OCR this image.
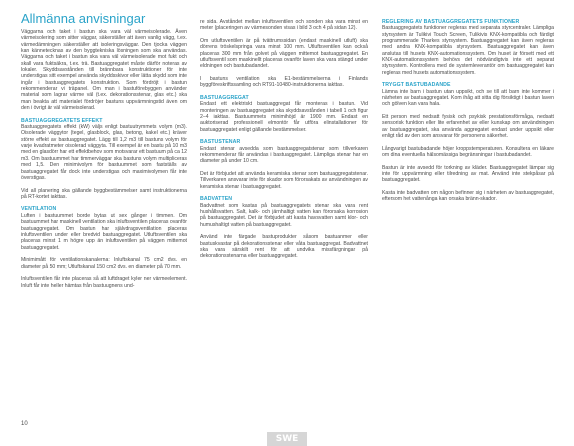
Allmänna anvisningar

Väggarna och taket i bastun ska vara väl värmeisolerade. Även värmeisolering som sitter väggar, säkerställer att även vanlig vägg, t.ex. värmedämningen säkerställer att isoleringsväggar. Den tjocka väggen kan kännetecknas av den byggtekniska lösningen som ska användas. Väggarna och taket i bastun ska vara väl värmeisolerade mot fukt och skall vara fuktsäkra, t.ex. trä. Bastuaggregatet måste därför noteras av lokaler. Skyddsavstånden till brännbara konstruktioner för inte understigas sitt exempel använda skyddsskivor eller lätta skydd som inte ingår i bastuaggregatets konstruktion. Som fördröjt i bastun rekommenderar vi träpanel. Om man i bastuförebyggen använder material som lagrar värme väl (t.ex. dekorationsstenar, glas etc.) ska man beakta att materialet fördröjer bastuns uppvärmningstid även om den i övrigt är väl värmeisolerad.

BASTUAGGREGATETS EFFEKT

Bastuaggregatets effekt (kW) väljs enligt bastuutrymmets volym (m3). Oisolerade väggytor (tegel, glasblock, glas, betong, kakel etc.) kräver större effekt av bastuaggregatet. Lägg till 1,2 m3 till bastuns volym för varje kvadratmeter oisolerad väggyta. Till exempel är en bastu på 10 m3 med en glasdörr har ett effektbehov som motsvarar ett bastuum på ca 12 m3. Om bastuummet har timmerväggar ska bastuns volym multipliceras med 1,5. Den minimivolym för bastuummet som fastställs av bastuaggregatet får dock inte understigas och maximivolymen får inte överstigas.

Vid all planering ska gällande byggbestämmelser samt instruktionerna på RT-kortet iakttas.

VENTILATION

Luften i bastuummet borde bytas ut sex gånger i timmen. Om bastuummet har maskinell ventilation ska inluftsventilen placeras ovanför bastuaggregatet. Om bastun har självdragsventilation placeras inluftsventilen under eller bredvid bastuaggregatet. Utluftsventilen ska placeras minst 1 m högre upp än inluftsventilen på väggen mittemot bastuaggregatet.

Minimimått för ventilationskanalerna: Inluftskanal 75 cm2 dvs. en diameter på 50 mm; Utluftskanal 150 cm2 dvs. en diameter på 70 mm.

Inluftsventilen får inte placeras så att luftdraget kyler ner värmeelement. Inluft får inte heller hämtas från bastuugnens und-

re sida. Avståndet mellan inluftsventilen och sonden ska vara minst en meter (placeringen av värmesonden visas i bild 3 och 4 på sidan 12).

Om utluftsventilen är på tvättrumssidan (endast maskinell utluft) ska dörrens tröskelspringa vara minst 100 mm. Utluftsventilen kan också placeras 300 mm från golvet på väggen mittemot bastuaggregatet. En utluftsventil som maskinellt placeras ovanför laven ska vara stängd under eldningen och bastubadandet.

I bastuns ventilation ska E1-bestämmelserna i Finlands byggföreskriftssamling och RT91-10480-instruktionerna iakttas.

BASTUAGGREGAT

Endast ett elektriskt bastuaggregat får monteras i bastun. Vid monteringen av bastuaggregatet ska skyddsavstånden i tabell 1 och figur 2–4 iakttas. Bastuummets minimihöjd är 1900 mm. Endast en auktoriserad professionell elmontör får utföra elinstallationer för bastuaggregatet enligt gällande bestämmelser.

BASTUSTENAR

Endast stenar avsedda som bastuaggregatstenar som tillverkaren rekommenderar får användas i bastuaggregatet. Lämpliga stenar har en diameter på under 10 cm.

Det är förbjudet att använda keramiska stenar som bastuaggregatstenar. Tillverkaren ansvarar inte för skador som förorsakats av användningen av keramiska stenar i bastuaggregatet.

BADVATTEN

Badvattnet som kastas på bastuaggregatets stenar ska vara rent hushållsvatten. Salt, kalk- och järnhaltigt vatten kan förorsaka korrosion på bastuaggregatet. Det är förbjudet att kasta havsvatten samt klor- och humushaltigt vatten på bastuaggregatet.

Använd inte färgade bastuprodukter såsom bastuanmer eller bastuskvastar på dekorationsstenar eller våta bastuaggregat. Badvattnet ska vara särskilt rent för att undvika missfärgningar på dekorationsstenarna eller bastuaggregatet.

REGLERING AV BASTUAGGREGATETS FUNKTIONER

Bastuaggregatets funktioner regleras med separata styrcentraler. Lämpliga styrsystem är Tulikivi Touch Screen, Tulikivis KNX-kompatibla och färdigt programmerade Tharkes styrsystem. Bastuaggregatet kan även regleras med andra KNX-kompatibla styrsystem. Bastuaggregatet kan även anslutas till husets KNX-automationssystem. Om huset är försett med ett KNX-automationssystem behövs det nödvändigtvis inte ett separat styrsystem. Kontrollera med de systemleverantör om bastuaggregatet kan regleras med husets automationssystem.

TRYGGT BASTUBADANDE

Lämna inte barn i bastun utan uppsikt, och se till att barn inte kommer i närheten av bastuaggregatet. Kom ihåg att sitta dig försiktigt i bastun laven och gölven kan vara hala.

Ett person med nedsatt fysisk och psykisk prestationsförmåga, nedsatt sensorisk funktion eller lite erfarenhet av eller kunskap om användningen av bastuaggregatet, ska använda aggregatet endast under uppsikt eller enligt råd av den som ansvarar för personens säkerhet.

Långvarigt bastubadande höjer kroppstemperaturen. Konsultera en läkare om dina eventuella hälsomässiga begränsningar i bastubadandet.

Bastun är inte avsedd för torkning av kläder. Bastuaggregatet lämpar sig inte för uppvärmning eller tilredning av mat. Använd inte stekpåsar på bastuaggregatet.

Kasta inte badvatten om någon befinner sig i närheten av bastuaggregatet, eftersom het vattenånga kan orsaka bränn-skador.

10
SWE
